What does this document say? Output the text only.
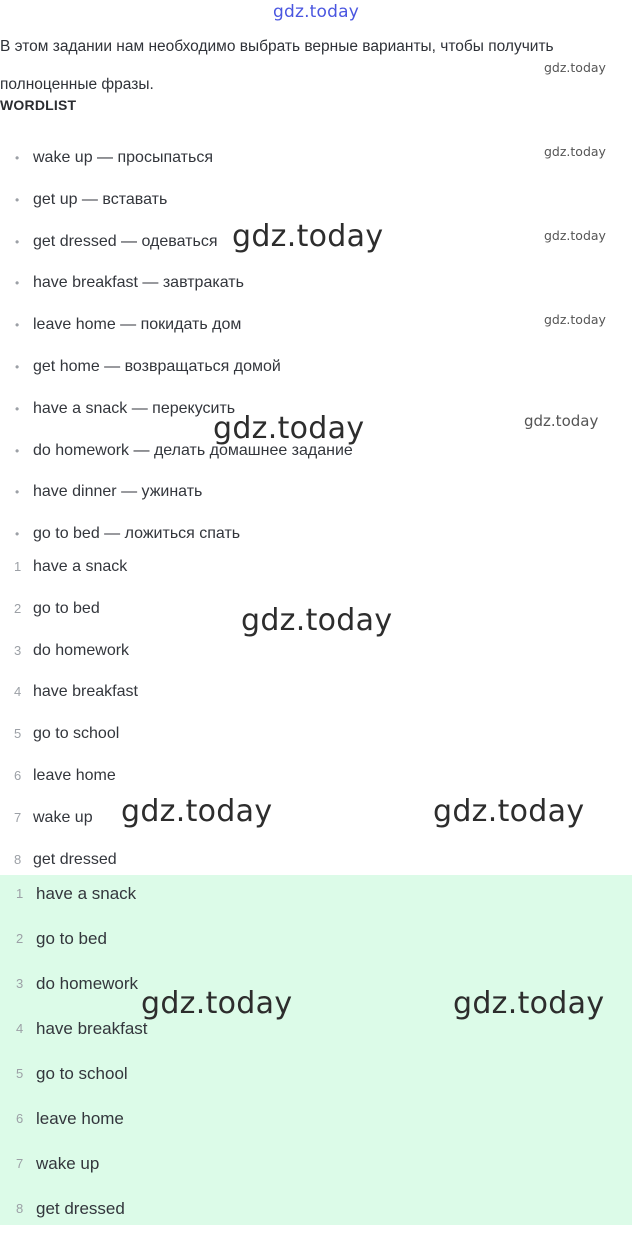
gdz.today
В этом задании нам необходимо выбрать верные варианты, чтобы получить полноценные фразы.
WORDLIST
• wake up — просыпаться
• get up — вставать
• get dressed — одеваться
• have breakfast — завтракать
• leave home — покидать дом
• get home — возвращаться домой
• have a snack — перекусить
• do homework — делать домашнее задание
• have dinner — ужинать
• go to bed — ложиться спать
1 have a snack
2 go to bed
3 do homework
4 have breakfast
5 go to school
6 leave home
7 wake up
8 get dressed
1 have a snack
2 go to bed
3 do homework
4 have breakfast
5 go to school
6 leave home
7 wake up
8 get dressed
gdz.today
gdz.today
gdz.today
gdz.today
gdz.today
gdz.today
gdz.today
gdz.today
gdz.today	gdz.today
gdz.today	gdz.today
